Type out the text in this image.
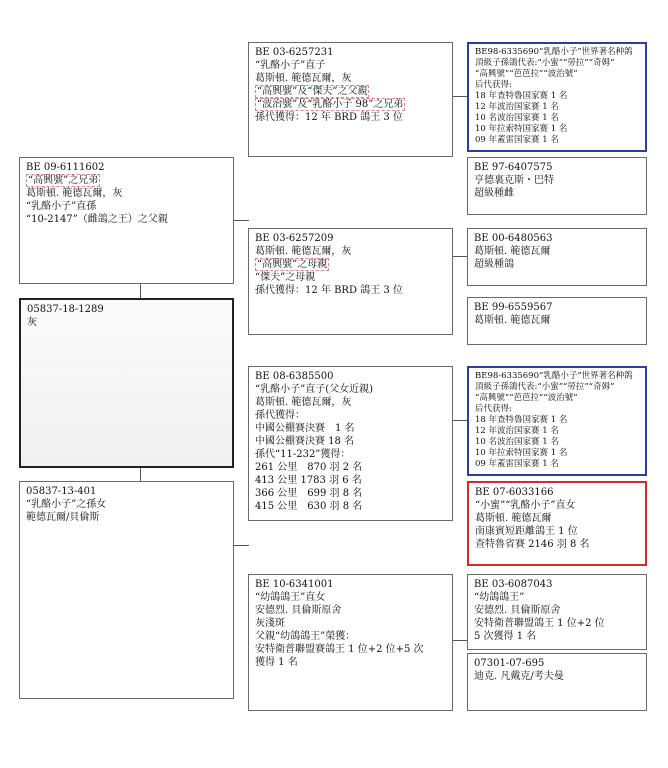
05837-18-1289
灰
BE 09-6111602
“高興號”之兄弟
葛斯頓. 範德瓦爾，灰
“乳酪小子”直孫
“10-2147”（雌鴿之王）之父親
05837-13-401
“乳酪小子”之孫女
範德瓦爾/貝倫斯
BE 03-6257231
“乳酪小子”直子
葛斯頓. 範德瓦爾，灰
“高興號”及“傑夫”之父親
“波治號”及“乳酪小子 98”之兄弟
孫代獲得：12 年 BRD 鴿王 3 位
BE 03-6257209
葛斯頓. 範德瓦爾，灰
“高興號”之母親
“傑夫”之母親
孫代獲得：12 年 BRD 鴿王 3 位
BE 08-6385500
“乳酪小子”直子(父女近親)
葛斯頓. 範德瓦爾，灰
孫代獲得：
中國公棚賽決賽　1 名
中國公棚賽決賽 18 名
孫代“11-232”獲得：
261 公里　870 羽 2 名
413 公里 1783 羽 6 名
366 公里　699 羽 8 名
415 公里　630 羽 8 名
BE 10-6341001
“幼鴿鴿王”直女
安德烈. 貝倫斯原舍
灰淺斑
父親“幼鴿鴿王”榮獲：
安特衛普聯盟賽鴿王 1 位+2 位+5 次
獲得 1 名
BE98-6335690“乳酪小子”世界著名种鸽
頂級子孫鴿代表:“小蜜”“勞拉”“奇姆”
“高興號”“芭芭拉”“波治號”
后代获得:
18 年查特魯国家赛 1 名
12 年波治国家赛 1 名
10 名波治国家赛 1 名
10 年拉索特国家赛 1 名
09 年蓋雷国家赛 1 名
BE 97-6407575
亨德裏克斯・巴特
超級種雌
BE 00-6480563
葛斯頓. 範德瓦爾
超級種鴿
BE 99-6559567
葛斯頓. 範德瓦爾
BE98-6335690“乳酪小子”世界著名种鸽
頂級子孫鴿代表:“小蜜”“勞拉”“奇姆”
“高興號”“芭芭拉”“波治號”
后代获得:
18 年查特魯国家赛 1 名
12 年波治国家赛 1 名
10 名波治国家赛 1 名
10 年拉索特国家赛 1 名
09 年蓋雷国家赛 1 名
BE 07-6033166
“小蜜”“乳酪小子”直女
葛斯頓. 範德瓦爾
南康賓短距離鴿王 1 位
查特魯省賽 2146 羽 8 名
BE 03-6087043
“幼鴿鴿王”
安德烈. 貝倫斯原舍
安特衛普聯盟鴿王 1 位+2 位
5 次獲得 1 名
07301-07-695
迪克. 凡戴克/考夫曼
